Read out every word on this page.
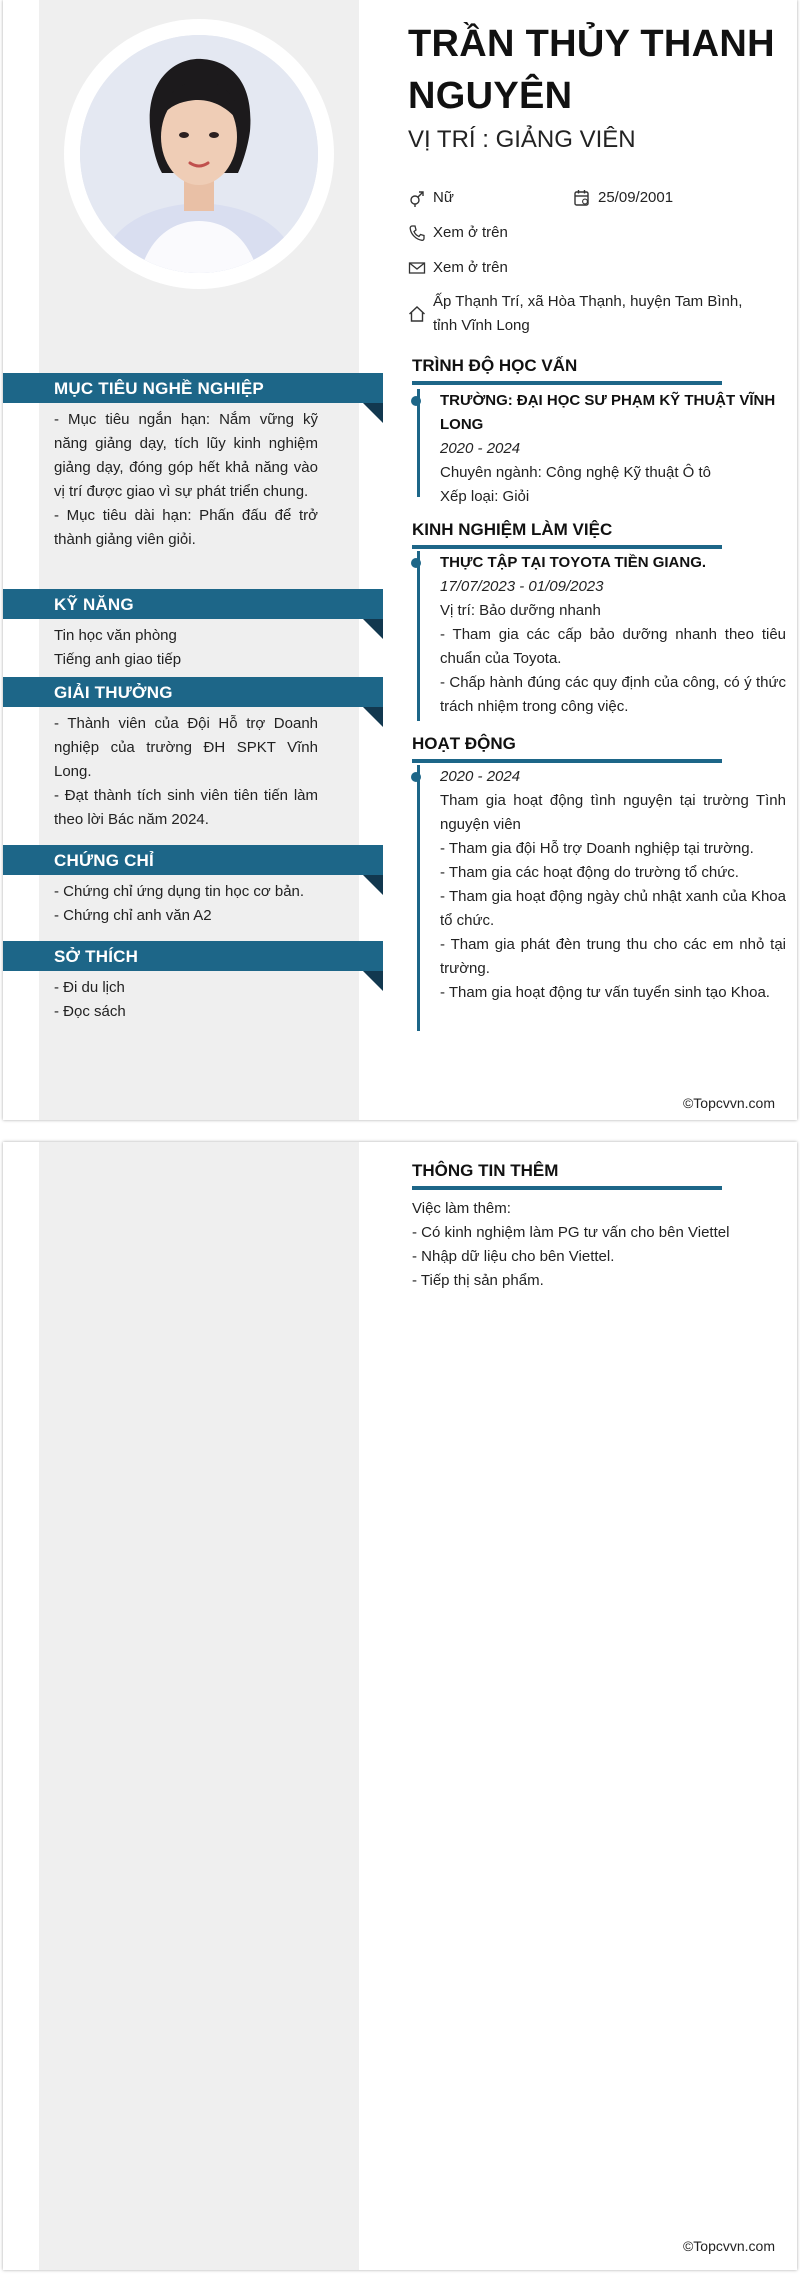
TRẦN THỦY THANH NGUYÊN
VỊ TRÍ : GIẢNG VIÊN
Nữ	25/09/2001
Xem ở trên
Xem ở trên
Ấp Thạnh Trí, xã Hòa Thạnh, huyện Tam Bình,
tỉnh Vĩnh Long
MỤC TIÊU NGHỀ NGHIỆP
- Mục tiêu ngắn hạn: Nắm vững kỹ năng giảng dạy, tích lũy kinh nghiệm giảng dạy, đóng góp hết khả năng vào vị trí được giao vì sự phát triển chung.
- Mục tiêu dài hạn: Phấn đấu để trở thành giảng viên giỏi.
KỸ NĂNG
Tin học văn phòng
Tiếng anh giao tiếp
GIẢI THƯỞNG
- Thành viên của Đội Hỗ trợ Doanh nghiệp của trường ĐH SPKT Vĩnh Long.
- Đạt thành tích sinh viên tiên tiến làm theo lời Bác năm 2024.
CHỨNG CHỈ
- Chứng chỉ ứng dụng tin học cơ bản.
- Chứng chỉ anh văn A2
SỞ THÍCH
- Đi du lịch
- Đọc sách
TRÌNH ĐỘ HỌC VẤN
TRƯỜNG: ĐẠI HỌC SƯ PHẠM KỸ THUẬT VĨNH LONG
2020 - 2024
Chuyên ngành: Công nghệ Kỹ thuật Ô tô
Xếp loại: Giỏi
KINH NGHIỆM LÀM VIỆC
THỰC TẬP TẠI TOYOTA TIỀN GIANG.
17/07/2023 - 01/09/2023
Vị trí: Bảo dưỡng nhanh
- Tham gia các cấp bảo dưỡng nhanh theo tiêu chuẩn của Toyota.
- Chấp hành đúng các quy định của công, có ý thức trách nhiệm trong công việc.
HOẠT ĐỘNG
2020 - 2024
Tham gia hoạt động tình nguyện tại trường Tình nguyện viên
- Tham gia đội Hỗ trợ Doanh nghiệp tại trường.
- Tham gia các hoạt động do trường tổ chức.
- Tham gia hoạt động ngày chủ nhật xanh của Khoa tổ chức.
- Tham gia phát đèn trung thu cho các em nhỏ tại trường.
- Tham gia hoạt động tư vấn tuyển sinh tạo Khoa.
©Topcvvn.com
THÔNG TIN THÊM
Việc làm thêm:
- Có kinh nghiệm làm PG tư vấn cho bên Viettel
- Nhập dữ liệu cho bên Viettel.
- Tiếp thị sản phẩm.
©Topcvvn.com
